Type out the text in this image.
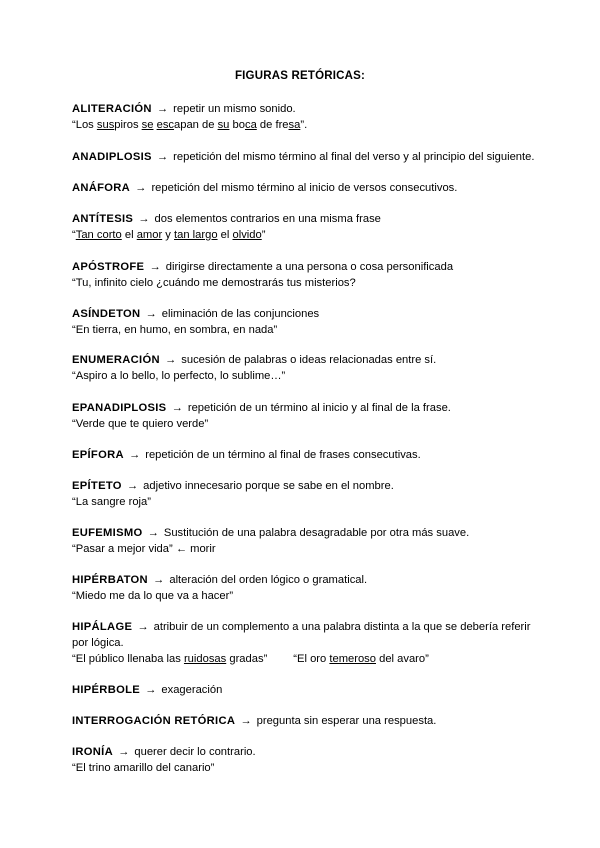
FIGURAS RETÓRICAS:
ALITERACIÓN → repetir un mismo sonido.
“Los suspiros se escapan de su boca de fresa”.
ANADIPLOSIS → repetición del mismo término al final del verso y al principio del siguiente.
ANÁFORA → repetición del mismo término al inicio de versos consecutivos.
ANTÍTESIS → dos elementos contrarios en una misma frase
“Tan corto el amor y tan largo el olvido”
APÓSTROFE → dirigirse directamente a una persona o cosa personificada
“Tu, infinito cielo ¿cuándo me demostrarás tus misterios?
ASÍNDETON → eliminación de las conjunciones
“En tierra, en humo, en sombra, en nada”
ENUMERACIÓN → sucesión de palabras o ideas relacionadas entre sí.
“Aspiro a lo bello, lo perfecto, lo sublime…”
EPANADIPLOSIS → repetición de un término al inicio y al final de la frase.
“Verde que te quiero verde”
EPÍFORA → repetición de un término al final de frases consecutivas.
EPÍTETO → adjetivo innecesario porque se sabe en el nombre.
“La sangre roja”
EUFEMISMO → Sustitución de una palabra desagradable por otra más suave.
“Pasar a mejor vida” ← morir
HIPÉRBATON → alteración del orden lógico o gramatical.
“Miedo me da lo que va a hacer”
HIPÁLAGE → atribuir de un complemento a una palabra distinta a la que se debería referir por lógica.
“El público llenaba las ruidosas gradas” “El oro temeroso del avaro”
HIPÉRBOLE → exageración
INTERROGACIÓN RETÓRICA → pregunta sin esperar una respuesta.
IRONÍA → querer decir lo contrario.
“El trino amarillo del canario”
